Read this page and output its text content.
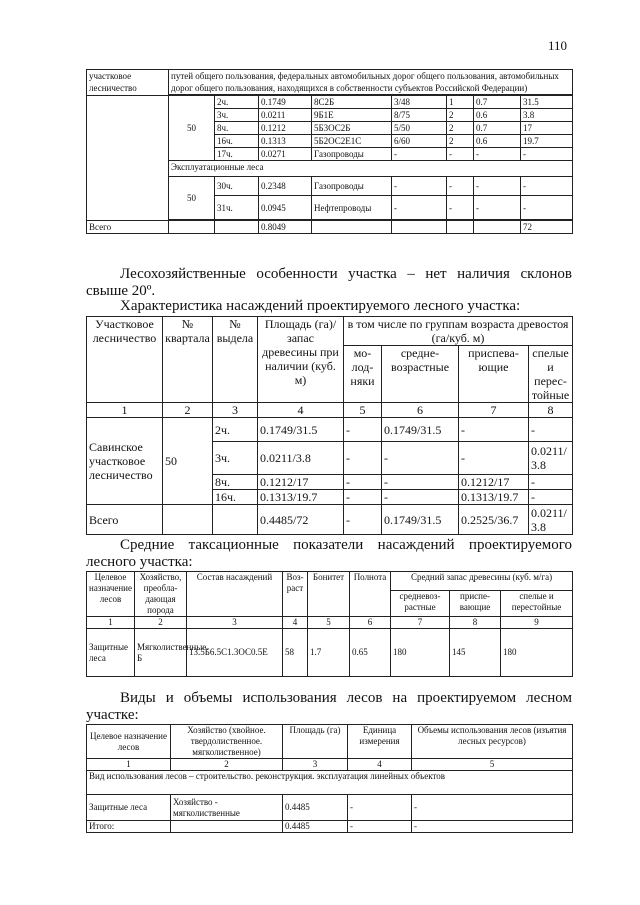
110
участковое лесничество	путей общего пользования, федеральных автомобильных дорог общего пользования, автомобильных дорог общего пользования, находящихся в собственности субъектов Российской Федерации)							

	50	2ч.	0.1749	8С2Б	3/48	1	0.7	31.5
		3ч.	0.0211	9Б1Е	8/75	2	0.6	3.8
		8ч.	0.1212	5Б3ОС2Б	5/50	2	0.7	17
		16ч.	0.1313	5Б2ОС2Е1С	6/60	2	0.6	19.7
		17ч.	0.0271	Газопроводы	-	-	-	-
	Эксплуатационные леса							
	50	30ч.	0.2348	Газопроводы	-	-	-	-
		31ч.	0.0945	Нефтепроводы	-	-	-	-

Всего			0.8049					72
Лесохозяйственные особенности участка – нет наличия склонов
свыше 20º.
Характеристика насаждений проектируемого лесного участка:
Участковое лесничество	№ квартала	№ выдела	Площадь (га)/ запас древесины при наличии (куб. м)	в том числе по группам возраста древостоя (га/куб. м)			
				мо-лод-няки	средне-возрастные	приспева-ющие	спелые и перес-тойные
1	2	3	4	5	6	7	8
Савинское участковое лесничество	50	2ч.	0.1749/31.5	-	0.1749/31.5	-	-
		3ч.	0.0211/3.8	-	-	-	0.0211/ 3.8
		8ч.	0.1212/17	-	-	0.1212/17	-
		16ч.	0.1313/19.7	-	-	0.1313/19.7	-
Всего			0.4485/72	-	0.1749/31.5	0.2525/36.7	0.0211/ 3.8
Средние таксационные показатели насаждений проектируемого
лесного участка:
Целевое назначение лесов	Хозяйство, преобла-дающая порода	Состав насаждений	Воз-раст	Бонитет	Полнота	Средний запас древесины (куб. м/га)		
						средневоз-растные	приспе-вающие	спелые и перестойные
1	2	3	4	5	6	7	8	9
Защитные леса	Мягколиственные. Б	13.5Б6.5С1.3ОС0.5Е	58	1.7	0.65	180	145	180
Виды и объемы использования лесов на проектируемом лесном
участке:
Целевое назначение лесов	Хозяйство (хвойное. твердолиственное. мягколиственное)	Площадь (га)	Единица измерения	Объемы использования лесов (изъятия лесных ресурсов)
1	2	3	4	5
Вид использования лесов – строительство. реконструкция. эксплуатация линейных объектов				
Защитные леса	Хозяйство - мягколиственные	0.4485	-	-
Итого:		0.4485	-	-
